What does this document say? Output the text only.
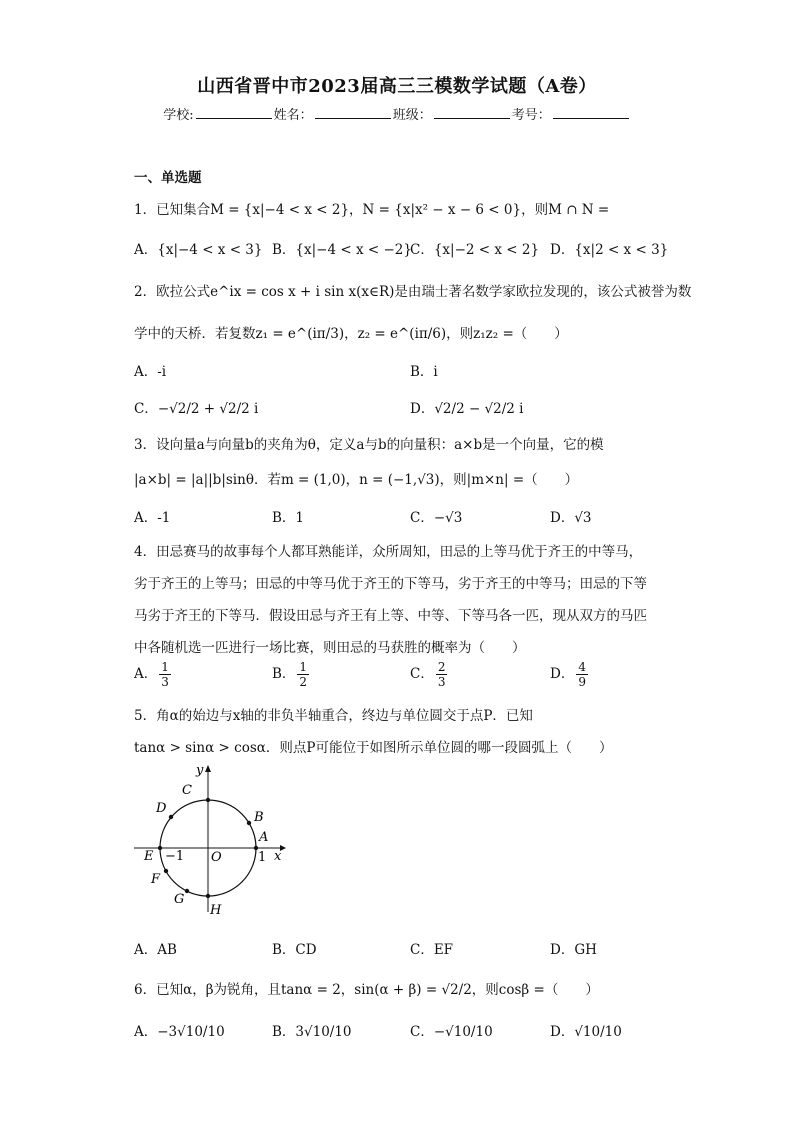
山西省晋中市2023届高三三模数学试题（A卷）
学校:	姓名：	班级：	考号：
一、单选题
1．已知集合M = {x|−4 < x < 2}，N = {x|x² − x − 6 < 0}，则M ∩ N =
A．{x|−4 < x < 3} B．{x|−4 < x < −2}
C．{x|−2 < x < 2} D．{x|2 < x < 3}
2．欧拉公式e^ix = cos x + i sin x(x∈R)是由瑞士著名数学家欧拉发现的，该公式被誉为数
学中的天桥．若复数z₁ = e^(iπ/3)，z₂ = e^(iπ/6)，则z₁z₂ =（　　）
A．-i	B．i
C．−√2/2 + √2/2 i	D．√2/2 − √2/2 i
3．设向量a与向量b的夹角为θ，定义a与b的向量积：a×b是一个向量，它的模
|a×b| = |a||b|sinθ．若m = (1,0)，n = (−1,√3)，则|m×n| =（　　）
A．-1	B．1	C．−√3	D．√3
4．田忌赛马的故事每个人都耳熟能详，众所周知，田忌的上等马优于齐王的中等马，
劣于齐王的上等马；田忌的中等马优于齐王的下等马，劣于齐王的中等马；田忌的下等
马劣于齐王的下等马．假设田忌与齐王有上等、中等、下等马各一匹，现从双方的马匹
中各随机选一匹进行一场比赛，则田忌的马获胜的概率为（　　）
A． $\frac{1}{3}$	B． $\frac{1}{2}$	C． $\frac{2}{3}$	D． $\frac{4}{9}$
5．角α的始边与x轴的非负半轴重合，终边与单位圆交于点P．已知
tanα > sinα > cosα．则点P可能位于如图所示单位圆的哪一段圆弧上（　　）
y
x
O	1
−1
A
B
C
D
E
F
G
H
A．AB	B．CD	C．EF	D．GH
6．已知α，β为锐角，且tanα = 2，sin(α + β) = √2/2，则cosβ =（　　）
A．−3√10/10	B．3√10/10	C．−√10/10	D．√10/10
